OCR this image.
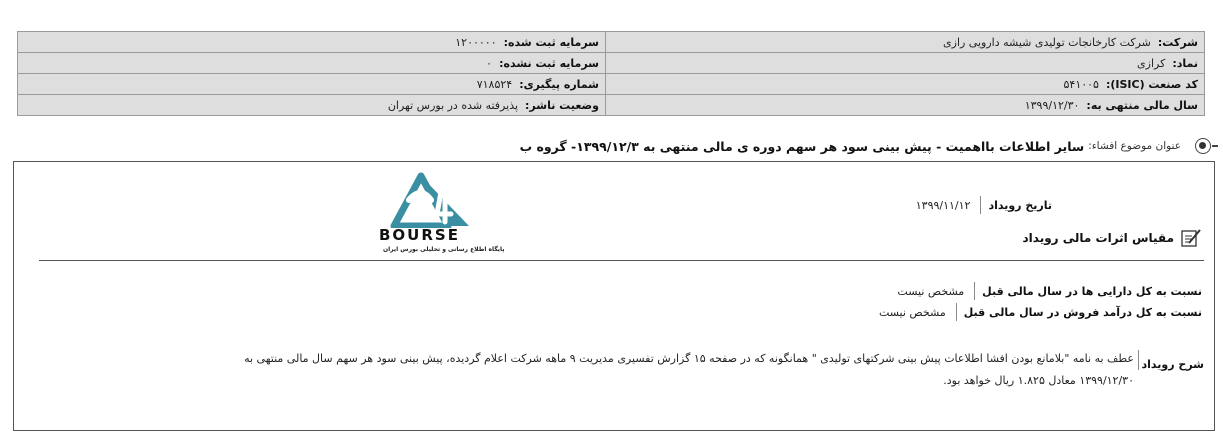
شرکت:  شرکت کارخانجات تولیدی شیشه دارویی رازی	سرمایه ثبت شده:  ۱۲۰۰۰۰۰
نماد:  کرازی	سرمایه ثبت نشده:  ۰
کد صنعت (ISIC):  ۵۴۱۰۰۵	شماره پیگیری:  ۷۱۸۵۲۴
سال مالی منتهی به:  ۱۳۹۹/۱۲/۳۰	وضعیت ناشر:  پذیرفته شده در بورس تهران
عنوان موضوع افشاء:
سایر اطلاعات بااهمیت - پیش بینی سود هر سهم دوره ی مالی منتهی به ۱۳۹۹/۱۲/۳- گروه ب
BOURSE
پایگاه اطلاع رسانی و تحلیلی بورس ایران
تاریخ رویداد
۱۳۹۹/۱۱/۱۲
مقیاس اثرات مالی رویداد
نسبت به کل دارایی ها در سال مالی قبل
مشخص نیست
نسبت به کل درآمد فروش در سال مالی قبل
مشخص نیست
شرح رویداد
عطف به نامه "بلامانع بودن افشا اطلاعات پیش بینی شرکتهای تولیدی " همانگونه که در صفحه ۱۵ گزارش تفسیری مدیریت ۹ ماهه شرکت اعلام گردیده، پیش بینی سود هر سهم سال مالی منتهی به
۱۳۹۹/۱۲/۳۰ معادل ۱.۸۲۵ ریال خواهد بود.
